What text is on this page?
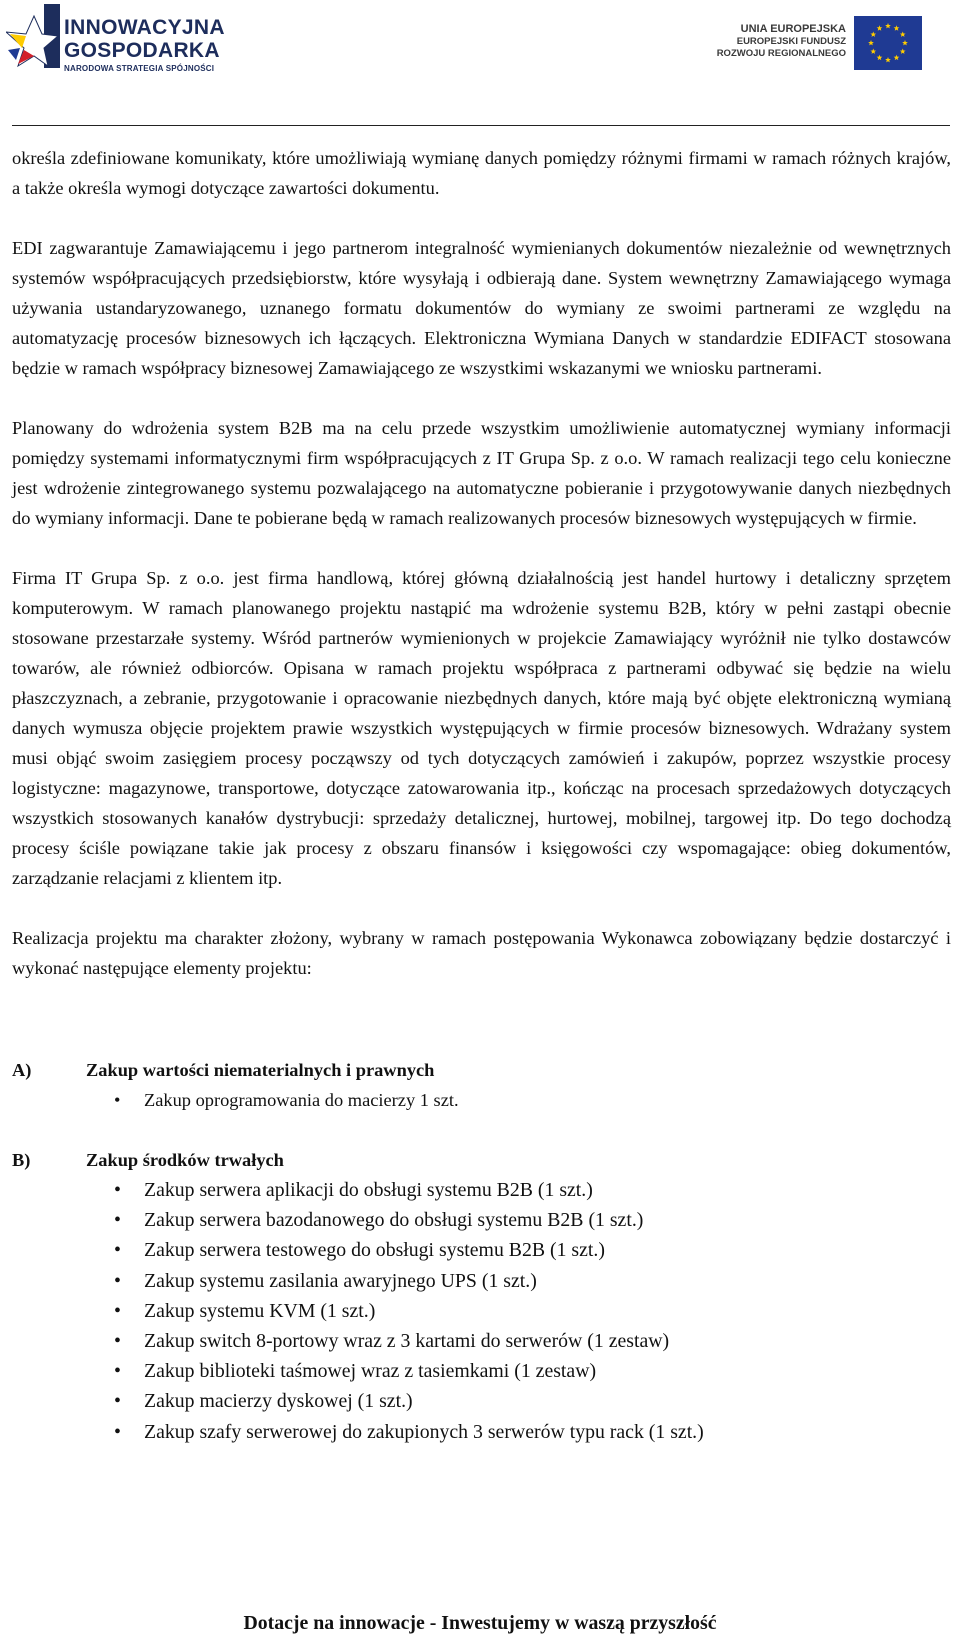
INNOWACYJNA
GOSPODARKA
NARODOWA STRATEGIA SPÓJNOŚCI
UNIA EUROPEJSKA
EUROPEJSKI FUNDUSZ
ROZWOJU REGIONALNEGO

określa zdefiniowane komunikaty, które umożliwiają wymianę danych pomiędzy różnymi firmami w ramach różnych krajów, a także określa wymogi dotyczące zawartości dokumentu.

EDI zagwarantuje Zamawiającemu i jego partnerom integralność wymienianych dokumentów niezależnie od wewnętrznych systemów współpracujących przedsiębiorstw, które wysyłają i odbierają dane. System wewnętrzny Zamawiającego wymaga używania ustandaryzowanego, uznanego formatu dokumentów do wymiany ze swoimi partnerami ze względu na automatyzację procesów biznesowych ich łączących. Elektroniczna Wymiana Danych w standardzie EDIFACT stosowana będzie w ramach współpracy biznesowej Zamawiającego ze wszystkimi wskazanymi we wniosku partnerami.

Planowany do wdrożenia system B2B ma na celu przede wszystkim umożliwienie automatycznej wymiany informacji pomiędzy systemami informatycznymi firm współpracujących z IT Grupa Sp. z o.o. W ramach realizacji tego celu konieczne jest wdrożenie zintegrowanego systemu pozwalającego na automatyczne pobieranie i przygotowywanie danych niezbędnych do wymiany informacji. Dane te pobierane będą w ramach realizowanych procesów biznesowych występujących w firmie.

Firma IT Grupa Sp. z o.o. jest firma handlową, której główną działalnością jest handel hurtowy i detaliczny sprzętem komputerowym. W ramach planowanego projektu nastąpić ma wdrożenie systemu B2B, który w pełni zastąpi obecnie stosowane przestarzałe systemy. Wśród partnerów wymienionych w projekcie Zamawiający wyróżnił nie tylko dostawców towarów, ale również odbiorców. Opisana w ramach projektu współpraca z partnerami odbywać się będzie na wielu płaszczyznach, a zebranie, przygotowanie i opracowanie niezbędnych danych, które mają być objęte elektroniczną wymianą danych wymusza objęcie projektem prawie wszystkich występujących w firmie procesów biznesowych. Wdrażany system musi objąć swoim zasięgiem procesy począwszy od tych dotyczących zamówień i zakupów, poprzez wszystkie procesy logistyczne: magazynowe, transportowe, dotyczące zatowarowania itp., kończąc na procesach sprzedażowych dotyczących wszystkich stosowanych kanałów dystrybucji: sprzedaży detalicznej, hurtowej, mobilnej, targowej itp. Do tego dochodzą procesy ściśle powiązane takie jak procesy z obszaru finansów i księgowości czy wspomagające: obieg dokumentów, zarządzanie relacjami z klientem itp.

Realizacja projektu ma charakter złożony, wybrany w ramach postępowania Wykonawca zobowiązany będzie dostarczyć i wykonać następujące elementy projektu:

A)	Zakup wartości niematerialnych i prawnych
• Zakup oprogramowania do macierzy 1 szt.
B)	Zakup środków trwałych
• Zakup serwera aplikacji do obsługi systemu B2B (1 szt.)
• Zakup serwera bazodanowego do obsługi systemu B2B (1 szt.)
• Zakup serwera testowego do obsługi systemu B2B (1 szt.)
• Zakup systemu zasilania awaryjnego UPS (1 szt.)
• Zakup systemu KVM (1 szt.)
• Zakup switch 8-portowy wraz z 3 kartami do serwerów (1 zestaw)
• Zakup biblioteki taśmowej wraz z tasiemkami (1 zestaw)
• Zakup macierzy dyskowej (1 szt.)
• Zakup szafy serwerowej do zakupionych 3 serwerów typu rack (1 szt.)
Dotacje na innowacje - Inwestujemy w waszą przyszłość
